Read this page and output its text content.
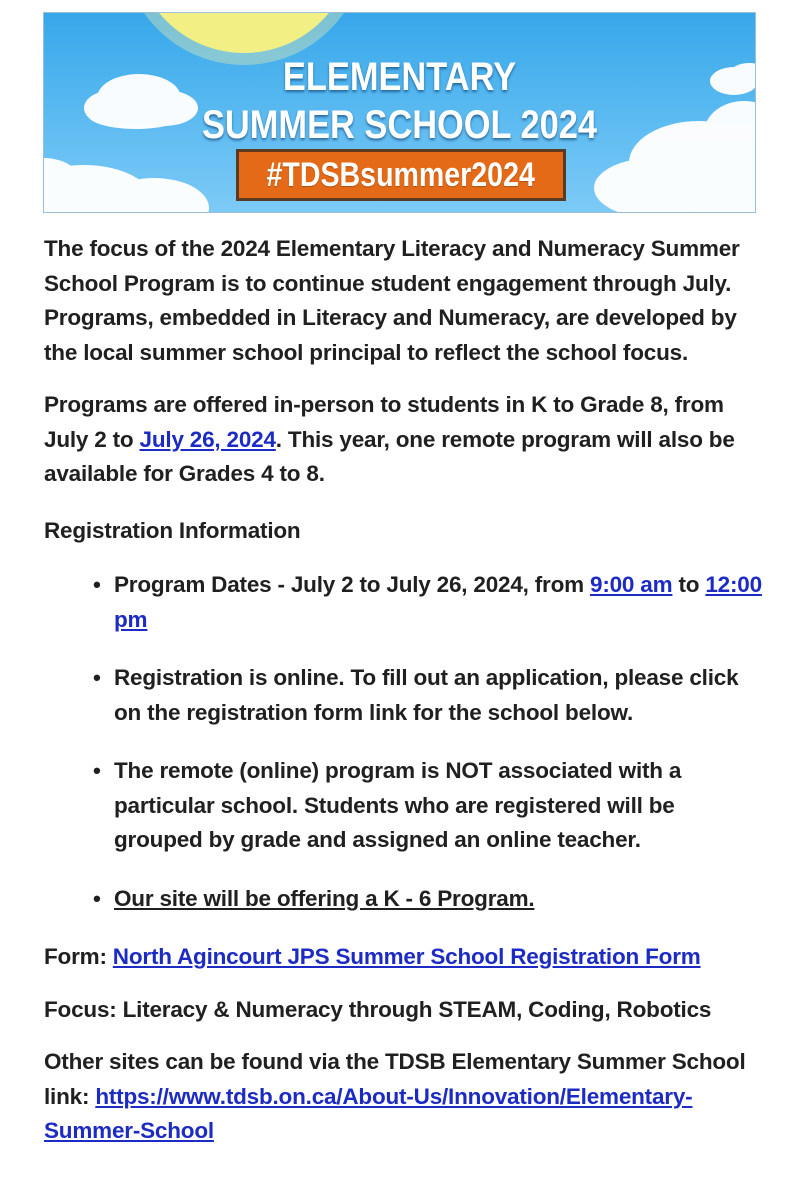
ELEMENTARY
SUMMER SCHOOL 2024
#TDSBsummer2024

The focus of the 2024 Elementary Literacy and Numeracy Summer School Program is to continue student engagement through July. Programs, embedded in Literacy and Numeracy, are developed by the local summer school principal to reflect the school focus.

Programs are offered in-person to students in K to Grade 8, from July 2 to July 26, 2024. This year, one remote program will also be available for Grades 4 to 8.

Registration Information
• Program Dates - July 2 to July 26, 2024, from 9:00 am to 12:00 pm
• Registration is online. To fill out an application, please click on the registration form link for the school below.
• The remote (online) program is NOT associated with a particular school. Students who are registered will be grouped by grade and assigned an online teacher.
• Our site will be offering a K - 6 Program.
Form: North Agincourt JPS Summer School Registration Form
Focus: Literacy & Numeracy through STEAM, Coding, Robotics
Other sites can be found via the TDSB Elementary Summer School link: https://www.tdsb.on.ca/About-Us/Innovation/Elementary-Summer-School
